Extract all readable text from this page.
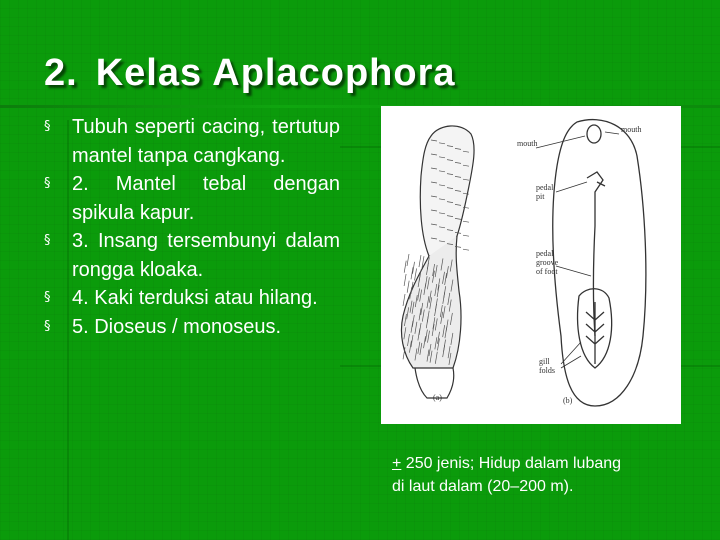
2. Kelas Aplacophora
§ Tubuh seperti cacing, tertutup mantel tanpa cangkang.
§ 2. Mantel tebal dengan spikula kapur.
§ 3. Insang tersembunyi dalam rongga kloaka.
§ 4. Kaki terduksi atau hilang.
§ 5. Dioseus / monoseus.
mouth
mouth
pedal
pit
pedal
groove
of foot
gill
folds
(a)	(b)
+ 250 jenis; Hidup dalam lubang
di laut dalam (20–200 m).
